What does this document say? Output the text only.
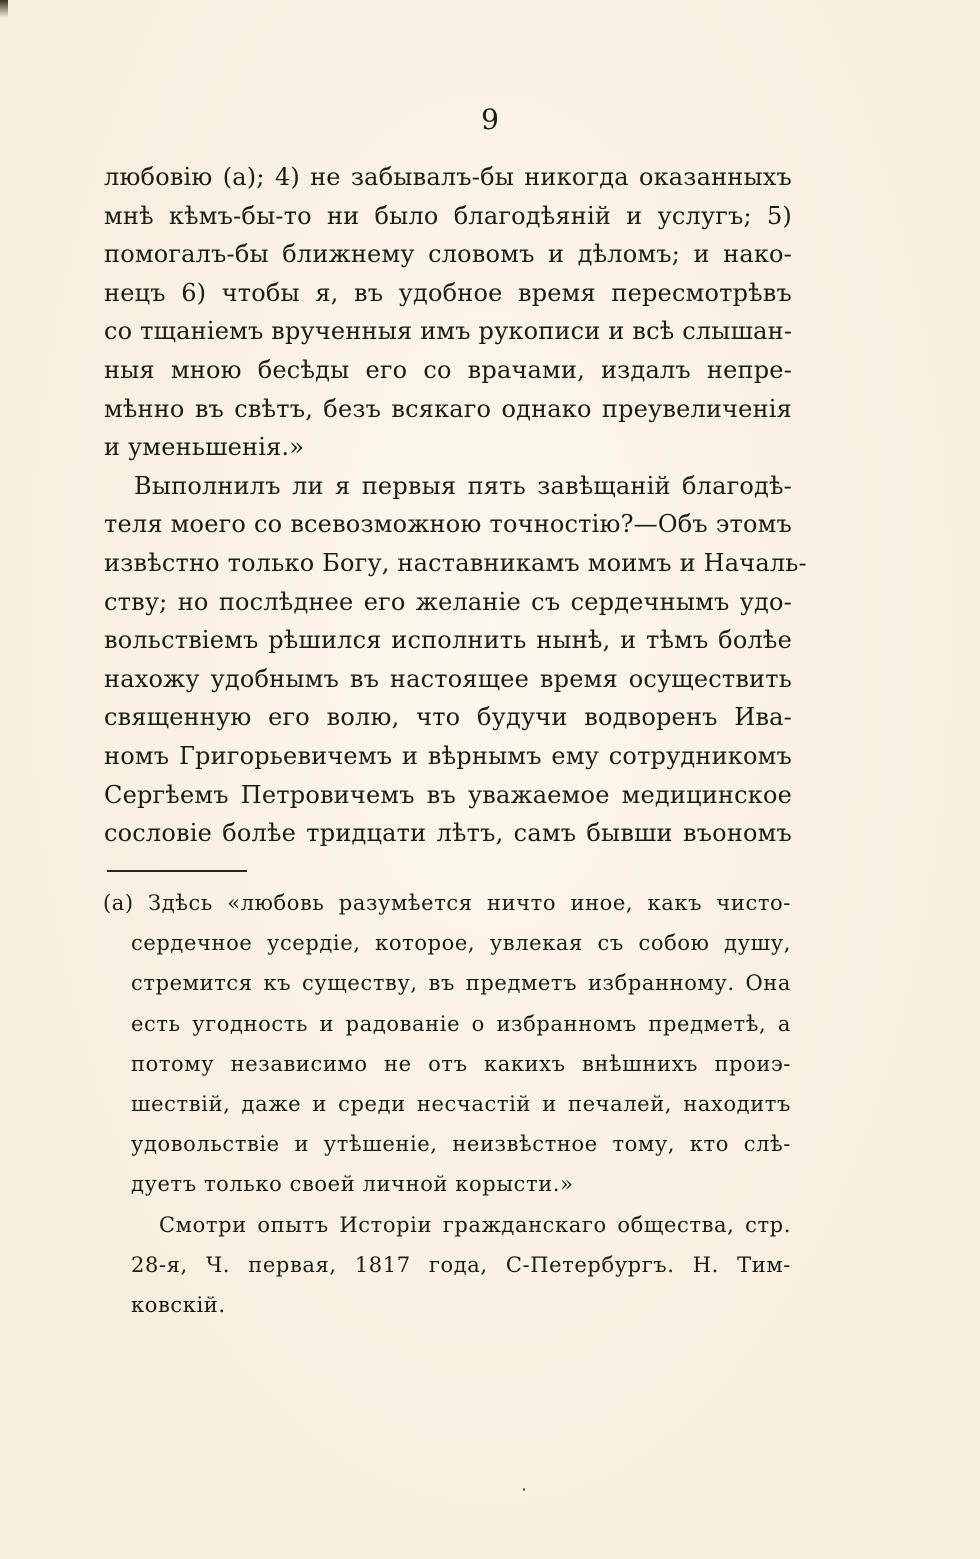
9
любовію (а); 4) не забывалъ-бы никогда оказанныхъ
мнѣ кѣмъ-бы-то ни было благодѣяній и услугъ; 5)
помогалъ-бы ближнему словомъ и дѣломъ; и нако-
нецъ 6) чтобы я, въ удобное время пересмотрѣвъ
со тщаніемъ врученныя имъ рукописи и всѣ слышан-
ныя мною бесѣды его со врачами, издалъ непре-
мѣнно въ свѣтъ, безъ всякаго однако преувеличенія
и уменьшенія.»
Выполнилъ ли я первыя пять завѣщаній благодѣ-
теля моего со всевозможною точностію?—Объ этомъ
извѣстно только Богу, наставникамъ моимъ и Началь-
ству; но послѣднее его желаніе съ сердечнымъ удо-
вольствіемъ рѣшился исполнить нынѣ, и тѣмъ болѣе
нахожу удобнымъ въ настоящее время осуществить
священную его волю, что будучи водворенъ Ива-
номъ Григорьевичемъ и вѣрнымъ ему сотрудникомъ
Сергѣемъ Петровичемъ въ уважаемое медицинское
сословіе болѣе тридцати лѣтъ, самъ бывши въономъ
(а) Здѣсь «любовь разумѣется ничто иное, какъ чисто-
сердечное усердіе, которое, увлекая съ собою душу,
стремится къ существу, въ предметъ избранному. Она
есть угодность и радованіе о избранномъ предметѣ, а
потому независимо не отъ какихъ внѣшнихъ проиэ-
шествій, даже и среди несчастій и печалей, находитъ
удовольствіе и утѣшеніе, неизвѣстное тому, кто слѣ-
дуетъ только своей личной корысти.»
Смотри опытъ Исторіи гражданскаго общества, стр.
28-я, Ч. первая, 1817 года, С-Петербургъ. Н. Тим-
ковскій.
